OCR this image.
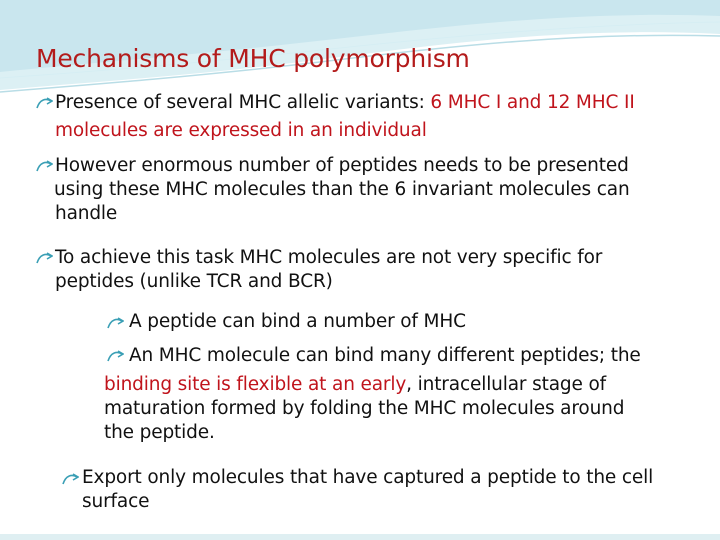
Mechanisms of MHC polymorphism
Presence of several MHC allelic variants: 6 MHC I and 12 MHC II
molecules are expressed in an individual
However enormous number of peptides needs to be presented
using these MHC molecules than the 6 invariant molecules can
handle
To achieve this task MHC molecules are not very specific for
peptides (unlike TCR and BCR)
A peptide can bind a number of MHC
An MHC molecule can bind many different peptides; the
binding site is flexible at an early, intracellular stage of
maturation formed by folding the MHC molecules around
the peptide.
Export only molecules that have captured a peptide to the cell
surface
